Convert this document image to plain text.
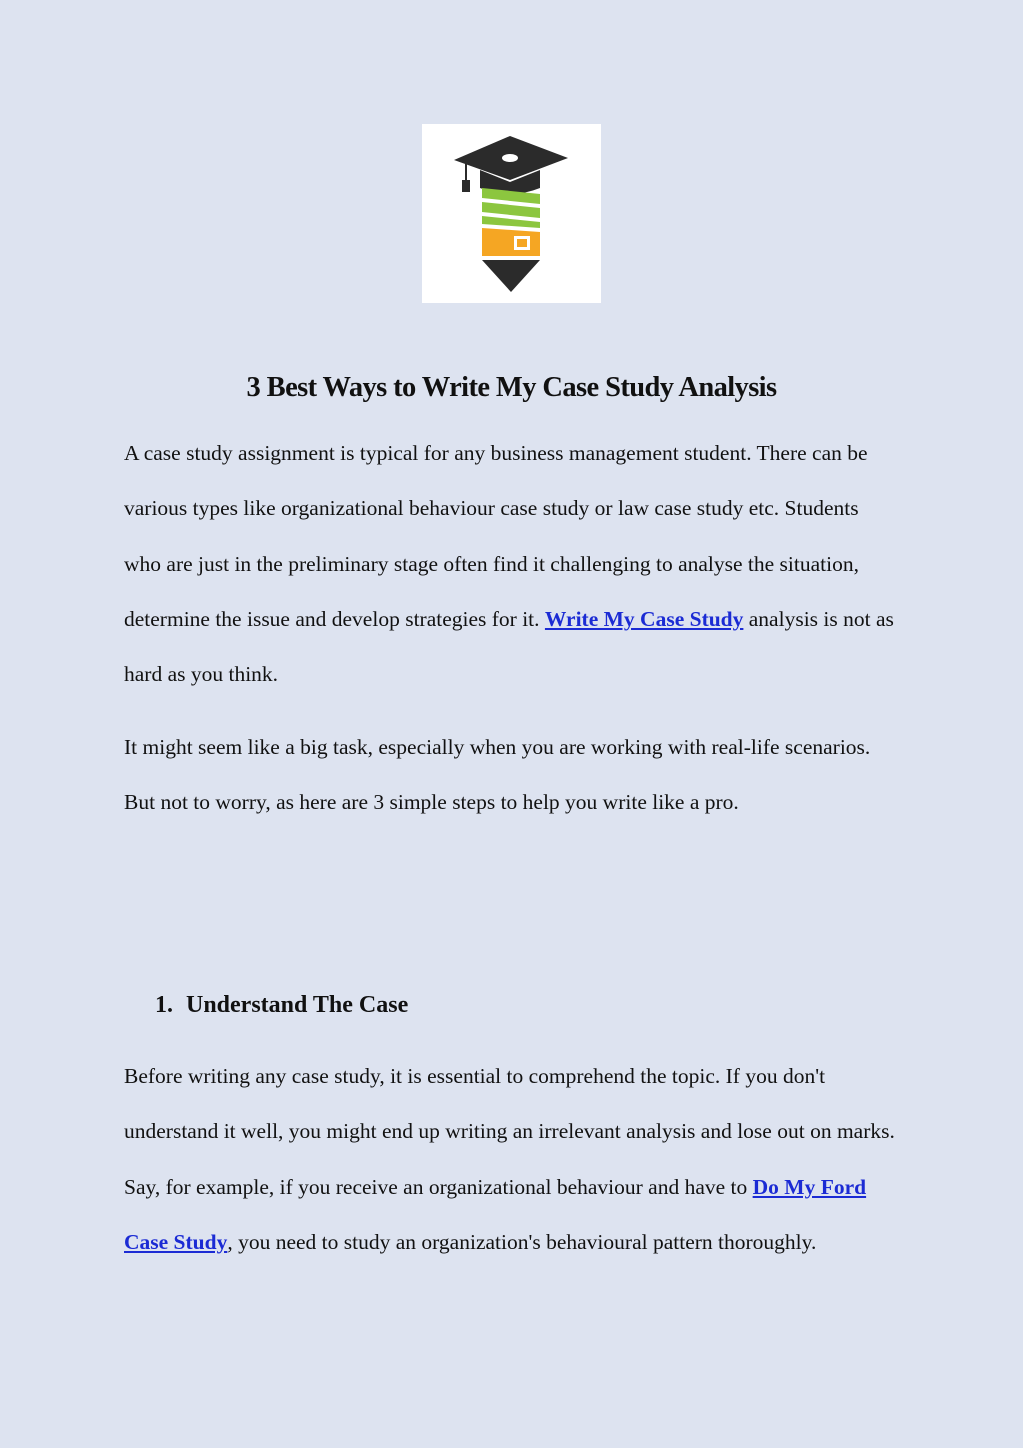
3 Best Ways to Write My Case Study Analysis

A case study assignment is typical for any business management student. There can be various types like organizational behaviour case study or law case study etc. Students who are just in the preliminary stage often find it challenging to analyse the situation, determine the issue and develop strategies for it. Write My Case Study analysis is not as hard as you think.

It might seem like a big task, especially when you are working with real-life scenarios. But not to worry, as here are 3 simple steps to help you write like a pro.

1. Understand The Case

Before writing any case study, it is essential to comprehend the topic. If you don't understand it well, you might end up writing an irrelevant analysis and lose out on marks. Say, for example, if you receive an organizational behaviour and have to Do My Ford Case Study, you need to study an organization's behavioural pattern thoroughly.
